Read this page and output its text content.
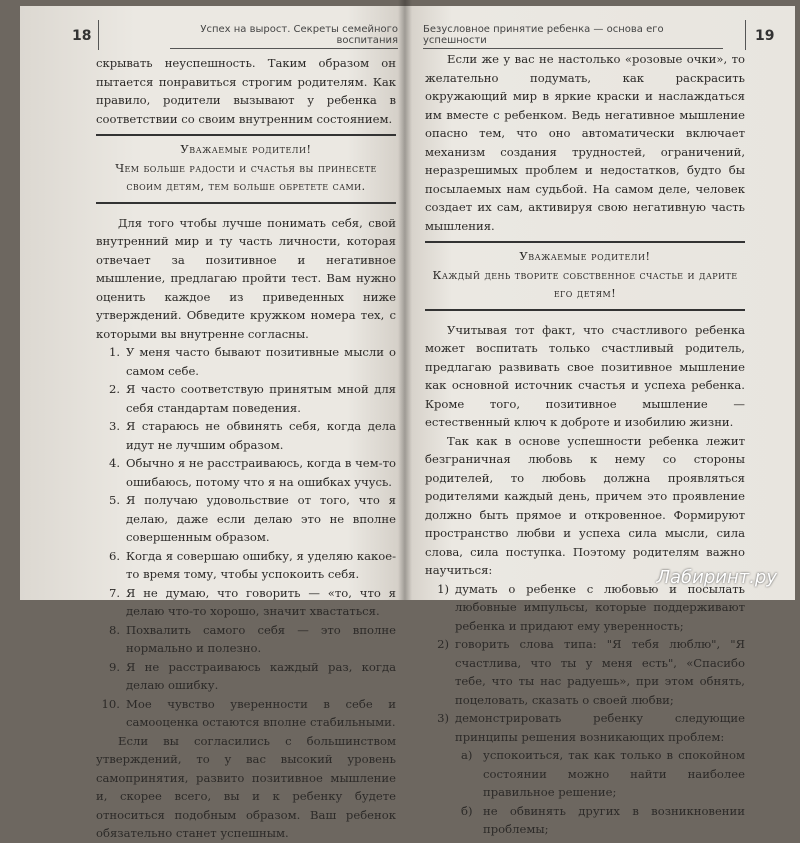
18	Успех на вырост. Секреты семейного воспитания

скрывать неуспешность. Таким образом он пытается понравиться строгим родителям. Как правило, родители вызывают у ребенка в соответствии со своим внутренним состоянием.

Уважаемые родители!
Чем больше радости и счастья вы принесете своим детям, тем больше обретете сами.

Для того чтобы лучше понимать себя, свой внутренний мир и ту часть личности, которая отвечает за позитивное и негативное мышление, предлагаю пройти тест. Вам нужно оценить каждое из приведенных ниже утверждений. Обведите кружком номера тех, с которыми вы внутренне согласны.

1. У меня часто бывают позитивные мысли о самом себе.
2. Я часто соответствую принятым мной для себя стандартам поведения.
3. Я стараюсь не обвинять себя, когда дела идут не лучшим образом.
4. Обычно я не расстраиваюсь, когда в чем-то ошибаюсь, потому что я на ошибках учусь.
5. Я получаю удовольствие от того, что я делаю, даже если делаю это не вполне совершенным образом.
6. Когда я совершаю ошибку, я уделяю какое-то время тому, чтобы успокоить себя.
7. Я не думаю, что говорить — «то, что я делаю что-то хорошо, значит хвастаться.
8. Похвалить самого себя — это вполне нормально и полезно.
9. Я не расстраиваюсь каждый раз, когда делаю ошибку.
10. Мое чувство уверенности в себе и самооценка остаются вполне стабильными.

Если вы согласились с большинством утверждений, то у вас высокий уровень самопринятия, развито позитивное мышление и, скорее всего, вы и к ребенку будете относиться подобным образом. Ваш ребенок обязательно станет успешным.

Безусловное принятие ребенка — основа его успешности	19

Если же у вас не настолько «розовые очки», то желательно подумать, как раскрасить окружающий мир в яркие краски и наслаждаться им вместе с ребенком. Ведь негативное мышление опасно тем, что оно автоматически включает механизм создания трудностей, ограничений, неразрешимых проблем и недостатков, будто бы посылаемых нам судьбой. На самом деле, человек создает их сам, активируя свою негативную часть мышления.

Уважаемые родители!
Каждый день творите собственное счастье и дарите его детям!

Учитывая тот факт, что счастливого ребенка может воспитать только счастливый родитель, предлагаю развивать свое позитивное мышление как основной источник счастья и успеха ребенка. Кроме того, позитивное мышление — естественный ключ к доброте и изобилию жизни.

Так как в основе успешности ребенка лежит безграничная любовь к нему со стороны родителей, то любовь должна проявляться родителями каждый день, причем это проявление должно быть прямое и откровенное. Формируют пространство любви и успеха сила мысли, сила слова, сила поступка. Поэтому родителям важно научиться:

1) думать о ребенке с любовью и посылать любовные импульсы, которые поддерживают ребенка и придают ему уверенность;
2) говорить слова типа: "Я тебя люблю", "Я счастлива, что ты у меня есть", «Спасибо тебе, что ты нас радуешь», при этом обнять, поцеловать, сказать о своей любви;
3) демонстрировать ребенку следующие принципы решения возникающих проблем:
а) успокоиться, так как только в спокойном состоянии можно найти наиболее правильное решение;
б) не обвинять других в возникновении проблемы;
Лабиринт.ру
